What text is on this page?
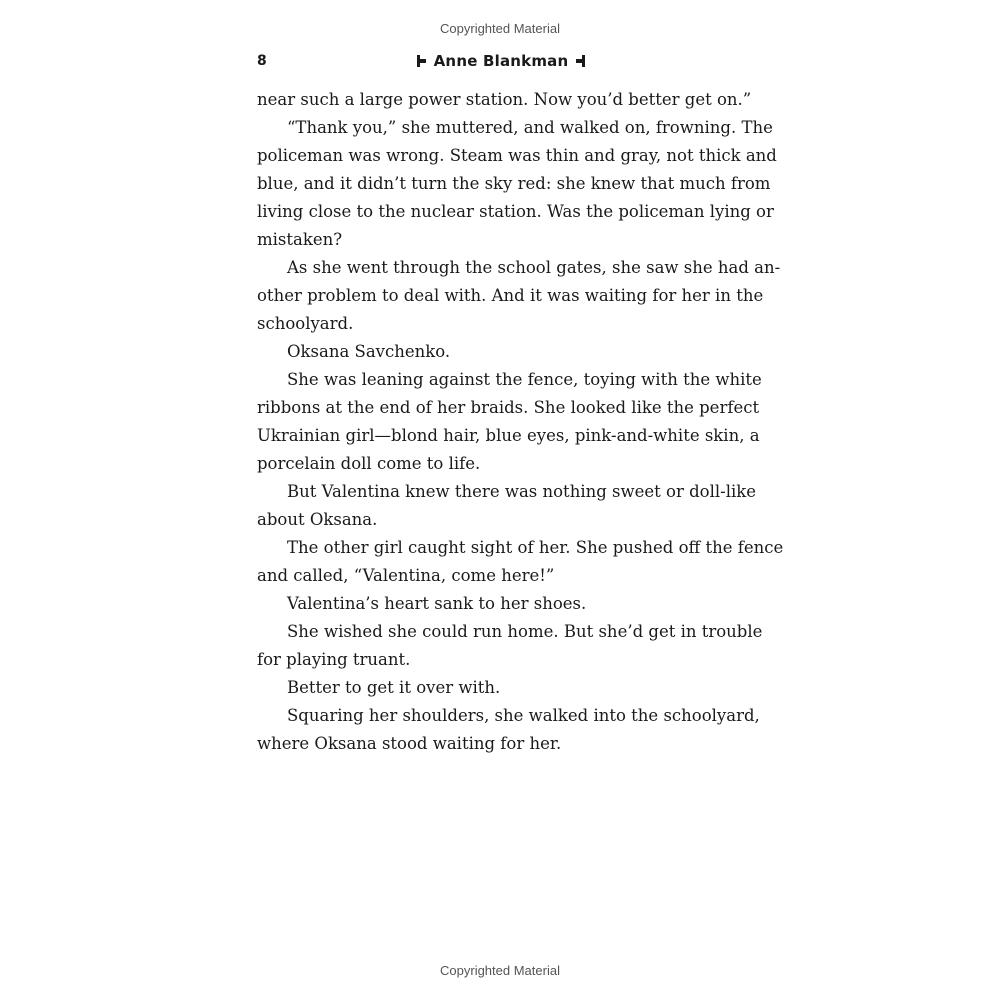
Copyrighted Material
8	Anne Blankman
near such a large power station. Now you’d better get on.”
“Thank you,” she muttered, and walked on, frowning. The
policeman was wrong. Steam was thin and gray, not thick and
blue, and it didn’t turn the sky red: she knew that much from
living close to the nuclear station. Was the policeman lying or
mistaken?
As she went through the school gates, she saw she had an-
other problem to deal with. And it was waiting for her in the
schoolyard.
Oksana Savchenko.
She was leaning against the fence, toying with the white
ribbons at the end of her braids. She looked like the perfect
Ukrainian girl—blond hair, blue eyes, pink-and-white skin, a
porcelain doll come to life.
But Valentina knew there was nothing sweet or doll-like
about Oksana.
The other girl caught sight of her. She pushed off the fence
and called, “Valentina, come here!”
Valentina’s heart sank to her shoes.
She wished she could run home. But she’d get in trouble
for playing truant.
Better to get it over with.
Squaring her shoulders, she walked into the schoolyard,
where Oksana stood waiting for her.
Copyrighted Material
